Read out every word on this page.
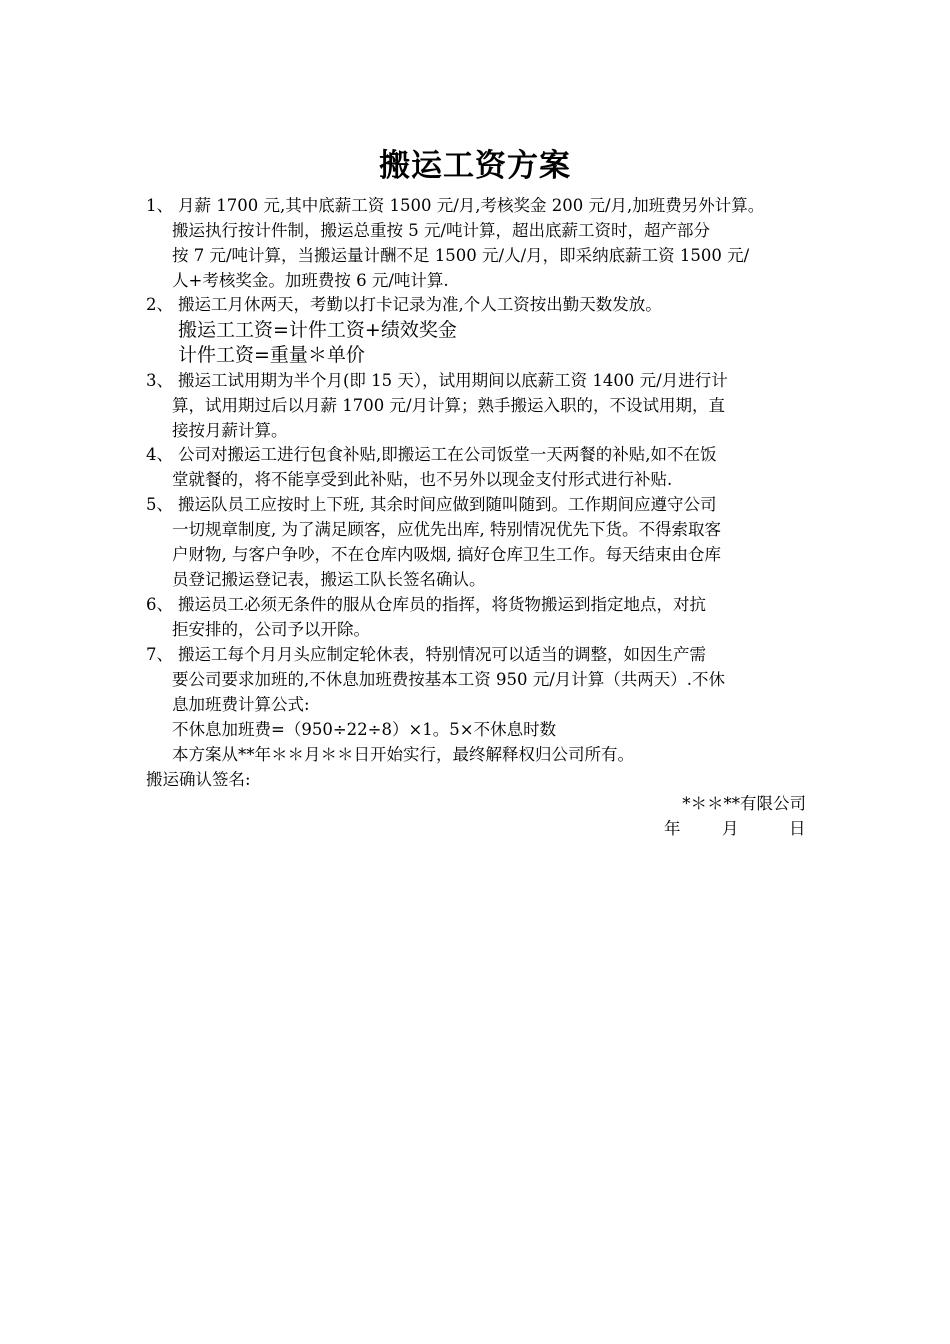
搬运工资方案
1、 月薪 1700 元,其中底薪工资 1500 元/月,考核奖金 200 元/月,加班费另外计算。
搬运执行按计件制，搬运总重按 5 元/吨计算，超出底薪工资时，超产部分
按 7 元/吨计算，当搬运量计酬不足 1500 元/人/月，即采纳底薪工资 1500 元/
人+考核奖金。加班费按 6 元/吨计算.
2、 搬运工月休两天，考勤以打卡记录为准,个人工资按出勤天数发放。
搬运工工资=计件工资+绩效奖金
计件工资=重量＊单价
3、 搬运工试用期为半个月(即 15 天），试用期间以底薪工资 1400 元/月进行计
算，试用期过后以月薪 1700 元/月计算；熟手搬运入职的，不设试用期，直
接按月薪计算。
4、 公司对搬运工进行包食补贴,即搬运工在公司饭堂一天两餐的补贴,如不在饭
堂就餐的，将不能享受到此补贴，也不另外以现金支付形式进行补贴.
5、 搬运队员工应按时上下班, 其余时间应做到随叫随到。工作期间应遵守公司
一切规章制度, 为了满足顾客，应优先出库, 特别情况优先下货。不得索取客
户财物, 与客户争吵，不在仓库内吸烟, 搞好仓库卫生工作。每天结束由仓库
员登记搬运登记表，搬运工队长签名确认。
6、 搬运员工必须无条件的服从仓库员的指挥，将货物搬运到指定地点，对抗
拒安排的，公司予以开除。
7、 搬运工每个月月头应制定轮休表，特别情况可以适当的调整，如因生产需
要公司要求加班的,不休息加班费按基本工资 950 元/月计算（共两天）.不休
息加班费计算公式:
不休息加班费=（950÷22÷8）×1。5×不休息时数
本方案从**年＊＊月＊＊日开始实行，最终解释权归公司所有。
搬运确认签名:
*＊＊**有限公司
年	月	日
